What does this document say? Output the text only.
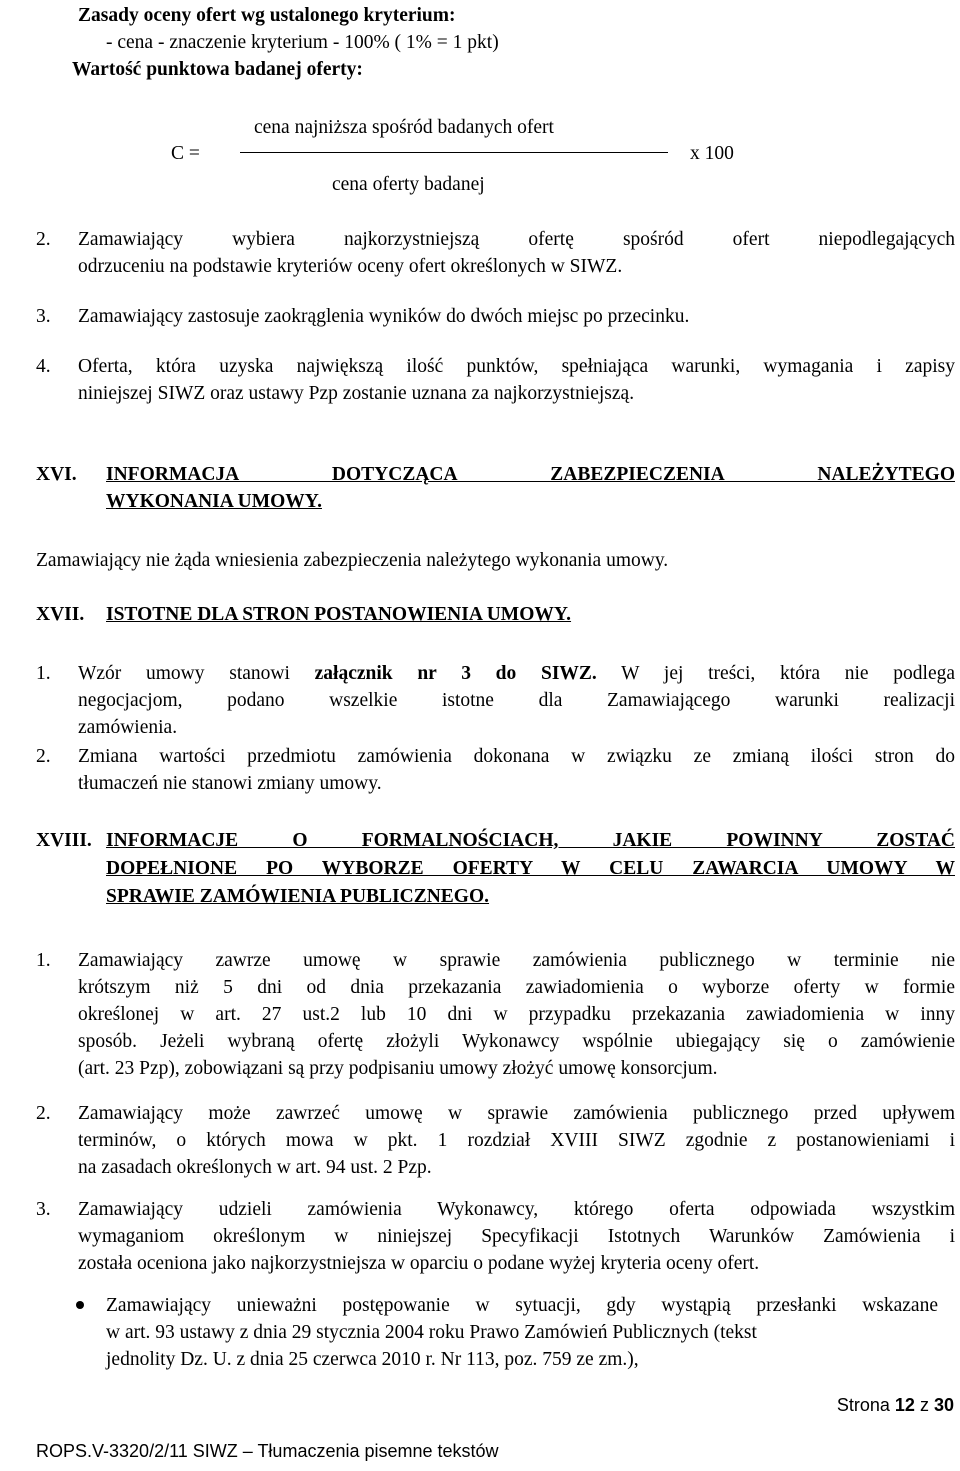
Zasady oceny ofert wg ustalonego kryterium:
- cena - znaczenie kryterium - 100% ( 1% = 1 pkt)
Wartość punktowa badanej oferty:
cena najniższa spośród badanych ofert
C =	x 100
cena oferty badanej
2. Zamawiający wybiera najkorzystniejszą ofertę spośród ofert niepodlegających
odrzuceniu na podstawie kryteriów oceny ofert określonych w SIWZ.
3. Zamawiający zastosuje zaokrąglenia wyników do dwóch miejsc po przecinku.
4. Oferta, która uzyska największą ilość punktów, spełniająca warunki, wymagania i zapisy
niniejszej SIWZ oraz ustawy Pzp zostanie uznana za najkorzystniejszą.
XVI. INFORMACJA DOTYCZĄCA ZABEZPIECZENIA NALEŻYTEGO
WYKONANIA UMOWY.
Zamawiający nie żąda wniesienia zabezpieczenia należytego wykonania umowy.
XVII. ISTOTNE DLA STRON POSTANOWIENIA UMOWY.
1. Wzór umowy stanowi załącznik nr 3 do SIWZ. W jej treści, która nie podlega
negocjacjom, podano wszelkie istotne dla Zamawiającego warunki realizacji
zamówienia.
2. Zmiana wartości przedmiotu zamówienia dokonana w związku ze zmianą ilości stron do
tłumaczeń nie stanowi zmiany umowy.
XVIII. INFORMACJE O FORMALNOŚCIACH, JAKIE POWINNY ZOSTAĆ
DOPEŁNIONE PO WYBORZE OFERTY W CELU ZAWARCIA UMOWY W
SPRAWIE ZAMÓWIENIA PUBLICZNEGO.
1. Zamawiający zawrze umowę w sprawie zamówienia publicznego w terminie nie
krótszym niż 5 dni od dnia przekazania zawiadomienia o wyborze oferty w formie
określonej w art. 27 ust.2 lub 10 dni w przypadku przekazania zawiadomienia w inny
sposób. Jeżeli wybraną ofertę złożyli Wykonawcy wspólnie ubiegający się o zamówienie
(art. 23 Pzp), zobowiązani są przy podpisaniu umowy złożyć umowę konsorcjum.
2. Zamawiający może zawrzeć umowę w sprawie zamówienia publicznego przed upływem
terminów, o których mowa w pkt. 1 rozdział XVIII SIWZ zgodnie z postanowieniami i
na zasadach określonych w art. 94 ust. 2 Pzp.
3. Zamawiający udzieli zamówienia Wykonawcy, którego oferta odpowiada wszystkim
wymaganiom określonym w niniejszej Specyfikacji Istotnych Warunków Zamówienia i
została oceniona jako najkorzystniejsza w oparciu o podane wyżej kryteria oceny ofert.
Zamawiający unieważni postępowanie w sytuacji, gdy wystąpią przesłanki wskazane
w art. 93 ustawy z dnia 29 stycznia 2004 roku Prawo Zamówień Publicznych (tekst
jednolity Dz. U. z dnia 25 czerwca 2010 r. Nr 113, poz. 759 ze zm.),
Strona 12 z 30
ROPS.V-3320/2/11 SIWZ – Tłumaczenia pisemne tekstów
